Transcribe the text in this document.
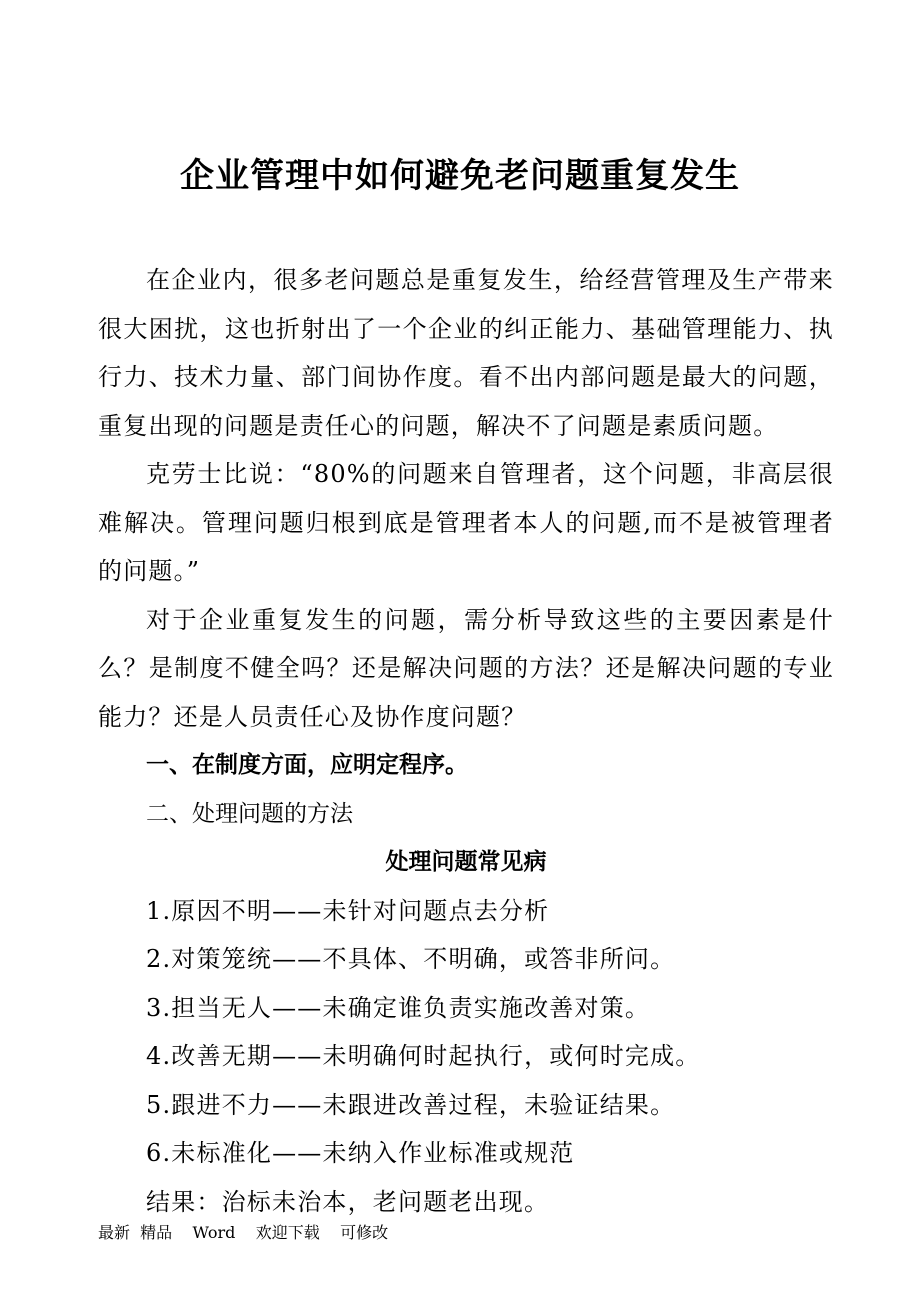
企业管理中如何避免老问题重复发生

在企业内，很多老问题总是重复发生，给经营管理及生产带来很大困扰，这也折射出了一个企业的纠正能力、基础管理能力、执行力、技术力量、部门间协作度。看不出内部问题是最大的问题，重复出现的问题是责任心的问题，解决不了问题是素质问题。

克劳士比说：“80%的问题来自管理者，这个问题，非高层很难解决。管理问题归根到底是管理者本人的问题,而不是被管理者的问题。”

对于企业重复发生的问题，需分析导致这些的主要因素是什么？是制度不健全吗？还是解决问题的方法？还是解决问题的专业能力？还是人员责任心及协作度问题？

一、在制度方面，应明定程序。

二、处理问题的方法

处理问题常见病

1.原因不明——未针对问题点去分析

2.对策笼统——不具体、不明确，或答非所问。

3.担当无人——未确定谁负责实施改善对策。

4.改善无期——未明确何时起执行，或何时完成。

5.跟进不力——未跟进改善过程，未验证结果。

6.未标准化——未纳入作业标准或规范

结果：治标未治本，老问题老出现。

最新  精品    Word    欢迎下载    可修改
